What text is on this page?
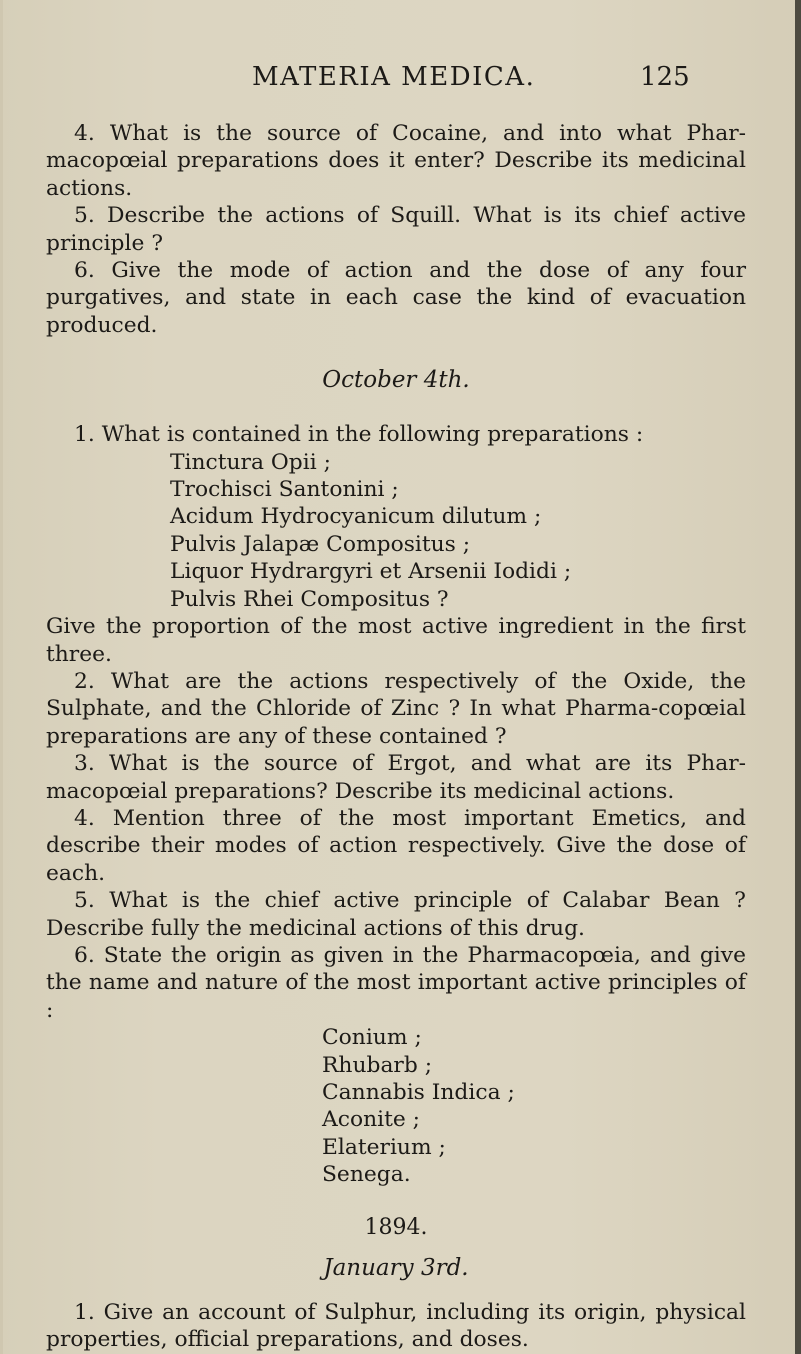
MATERIA MEDICA.	125

4. What is the source of Cocaine, and into what Phar-macopœial preparations does it enter? Describe its medicinal actions.

5. Describe the actions of Squill. What is its chief active principle ?

6. Give the mode of action and the dose of any four purgatives, and state in each case the kind of evacuation produced.

October 4th.

1. What is contained in the following preparations :

Tinctura Opii ;
Trochisci Santonini ;
Acidum Hydrocyanicum dilutum ;
Pulvis Jalapæ Compositus ;
Liquor Hydrargyri et Arsenii Iodidi ;
Pulvis Rhei Compositus ?

Give the proportion of the most active ingredient in the first three.

2. What are the actions respectively of the Oxide, the Sulphate, and the Chloride of Zinc ? In what Pharma-copœial preparations are any of these contained ?

3. What is the source of Ergot, and what are its Phar-macopœial preparations? Describe its medicinal actions.

4. Mention three of the most important Emetics, and describe their modes of action respectively. Give the dose of each.

5. What is the chief active principle of Calabar Bean ? Describe fully the medicinal actions of this drug.

6. State the origin as given in the Pharmacopœia, and give the name and nature of the most important active principles of :

Conium ;
Rhubarb ;
Cannabis Indica ;
Aconite ;
Elaterium ;
Senega.

1894.

January 3rd.

1. Give an account of Sulphur, including its origin, physical properties, official preparations, and doses.
